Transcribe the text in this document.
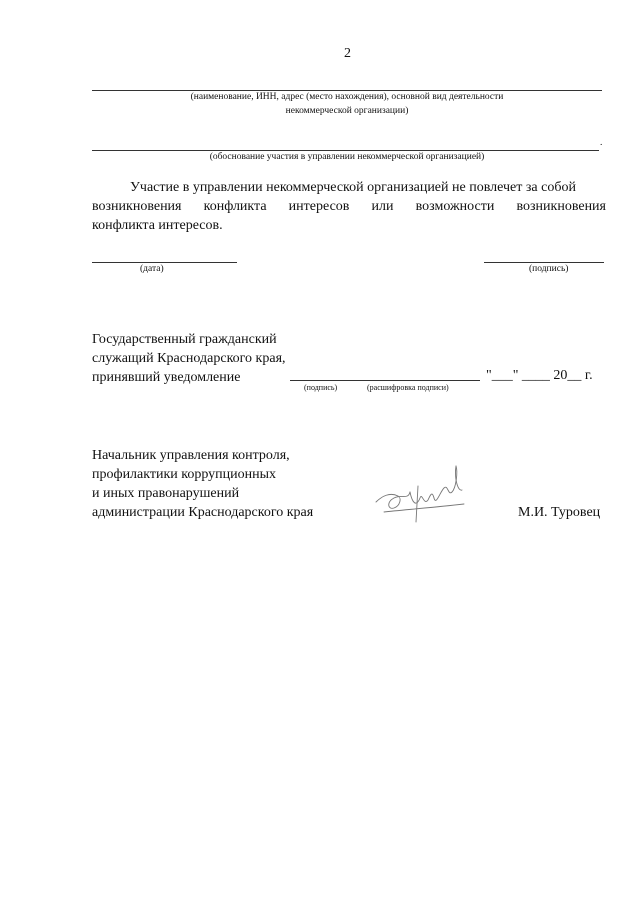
2
(наименование, ИНН, адрес (место нахождения), основной вид деятельности
некоммерческой организации)
.
(обоснование участия в управлении некоммерческой организацией)
Участие в управлении некоммерческой организацией не повлечет за собой
возникновения конфликта интересов или возможности возникновения
конфликта интересов.
(дата)	(подпись)
Государственный гражданский
служащий Краснодарского края,
принявший уведомление	"___" ____ 20__ г.
(подпись)	(расшифровка подписи)
Начальник управления контроля,
профилактики коррупционных
и иных правонарушений
администрации Краснодарского края	М.И. Туровец
